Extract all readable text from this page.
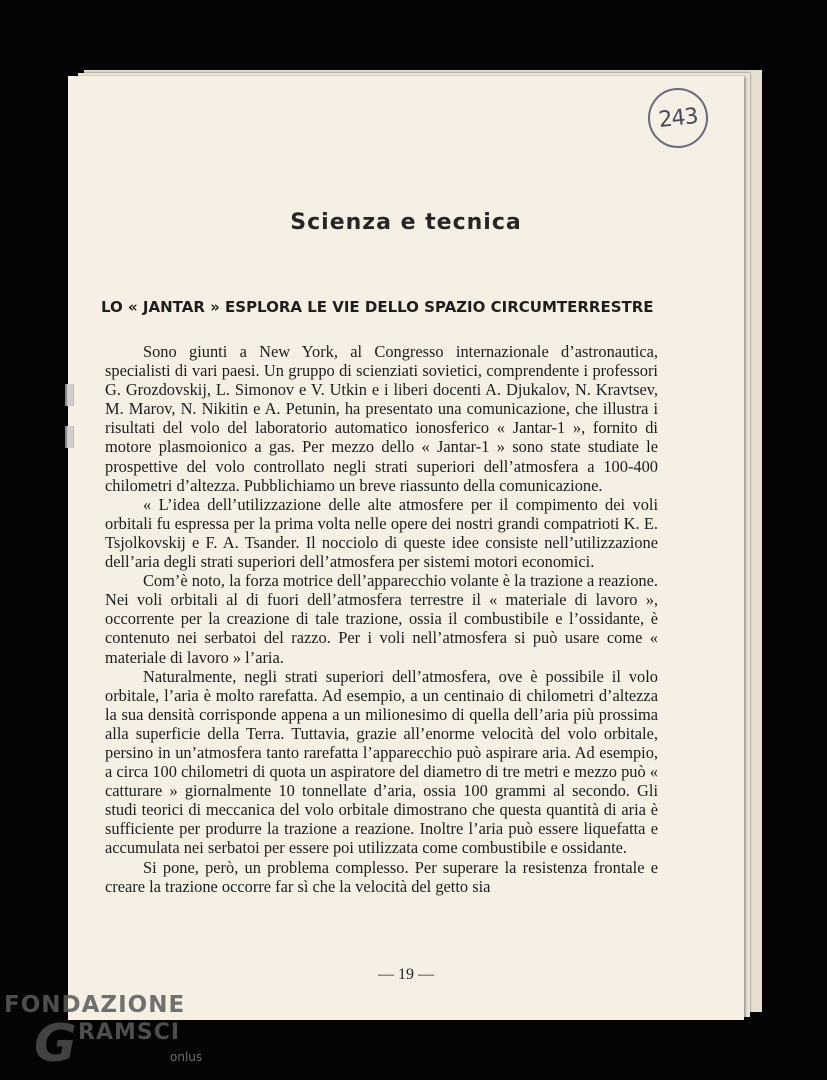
243
Scienza e tecnica
LO « JANTAR » ESPLORA LE VIE DELLO SPAZIO CIRCUMTERRESTRE

Sono giunti a New York, al Congresso internazionale d’astronautica, specialisti di vari paesi. Un gruppo di scienziati sovietici, comprendente i professori G. Grozdovskij, L. Simonov e V. Utkin e i liberi docenti A. Djukalov, N. Kravtsev, M. Marov, N. Nikitin e A. Petunin, ha presentato una comunicazione, che illustra i risultati del volo del laboratorio automatico ionosferico « Jantar-1 », fornito di motore plasmoionico a gas. Per mezzo dello « Jantar-1 » sono state studiate le prospettive del volo controllato negli strati superiori dell’atmosfera a 100-400 chilometri d’altezza. Pubblichiamo un breve riassunto della comunicazione.

« L’idea dell’utilizzazione delle alte atmosfere per il compimento dei voli orbitali fu espressa per la prima volta nelle opere dei nostri grandi compatrioti K. E. Tsjolkovskij e F. A. Tsander. Il nocciolo di queste idee consiste nell’utilizzazione dell’aria degli strati superiori dell’atmosfera per sistemi motori economici.

Com’è noto, la forza motrice dell’apparecchio volante è la trazione a reazione. Nei voli orbitali al di fuori dell’atmosfera terrestre il « materiale di lavoro », occorrente per la creazione di tale trazione, ossia il combustibile e l’ossidante, è contenuto nei serbatoi del razzo. Per i voli nell’atmosfera si può usare come « materiale di lavoro » l’aria.

Naturalmente, negli strati superiori dell’atmosfera, ove è possibile il volo orbitale, l’aria è molto rarefatta. Ad esempio, a un centinaio di chilometri d’altezza la sua densità corrisponde appena a un milionesimo di quella dell’aria più prossima alla superficie della Terra. Tuttavia, grazie all’enorme velocità del volo orbitale, persino in un’atmosfera tanto rarefatta l’apparecchio può aspirare aria. Ad esempio, a circa 100 chilometri di quota un aspiratore del diametro di tre metri e mezzo può « catturare » giornalmente 10 tonnellate d’aria, ossia 100 grammi al secondo. Gli studi teorici di meccanica del volo orbitale dimostrano che questa quantità di aria è sufficiente per produrre la trazione a reazione. Inoltre l’aria può essere liquefatta e accumulata nei serbatoi per essere poi utilizzata come combustibile e ossidante.

Si pone, però, un problema complesso. Per superare la resistenza frontale e creare la trazione occorre far sì che la velocità del getto sia

— 19 —
FONDAZIONE
G RAMSCI
onlus
